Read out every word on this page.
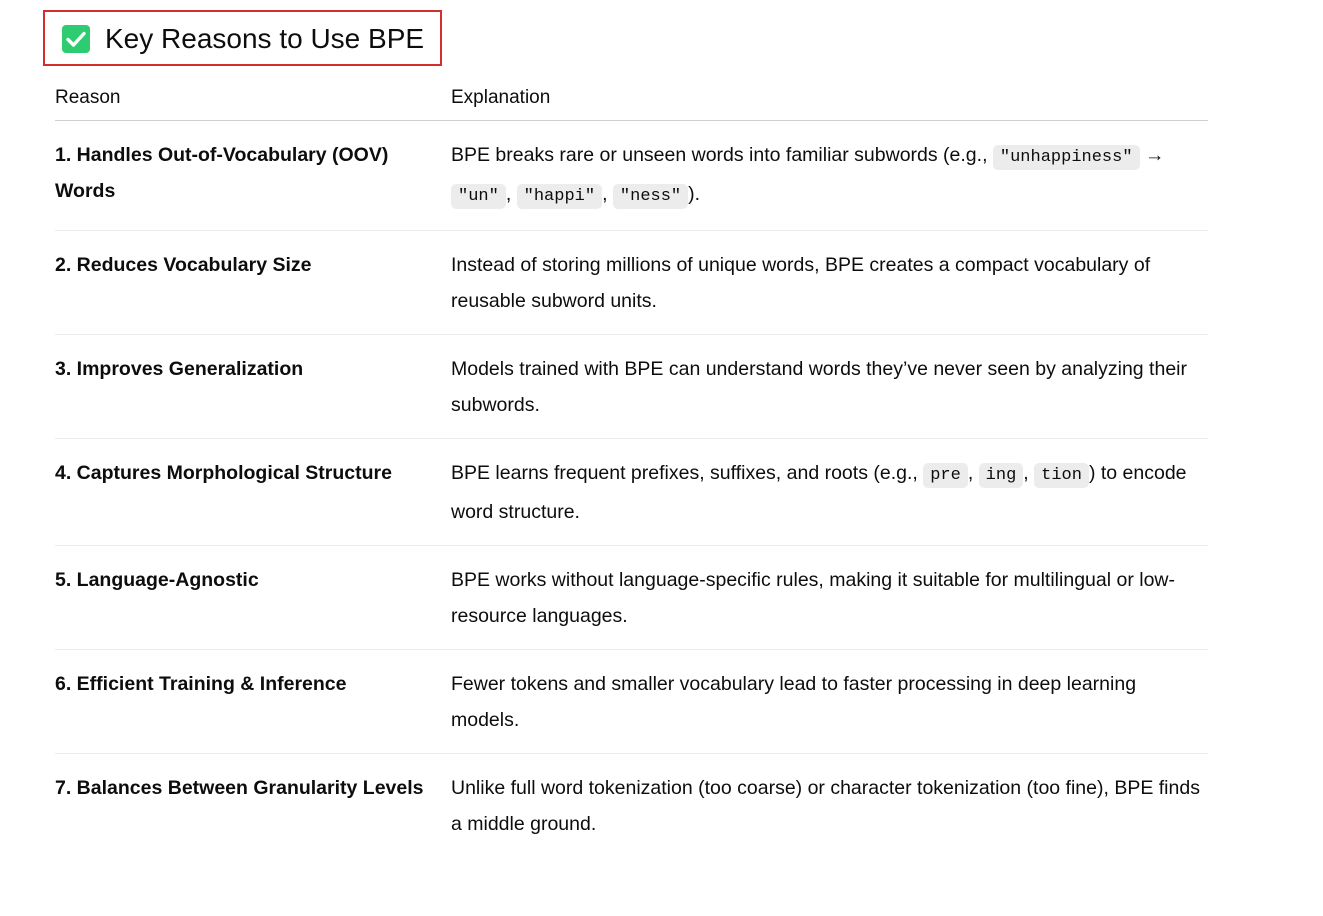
Key Reasons to Use BPE
Reason	Explanation
1. Handles Out-of-Vocabulary (OOV) Words	BPE breaks rare or unseen words into familiar subwords (e.g., "unhappiness" → "un" , "happi" , "ness" ).
2. Reduces Vocabulary Size	Instead of storing millions of unique words, BPE creates a compact vocabulary of reusable subword units.
3. Improves Generalization	Models trained with BPE can understand words they’ve never seen by analyzing their subwords.
4. Captures Morphological Structure	BPE learns frequent prefixes, suffixes, and roots (e.g., pre , ing , tion ) to encode word structure.
5. Language-Agnostic	BPE works without language-specific rules, making it suitable for multilingual or low-resource languages.
6. Efficient Training & Inference	Fewer tokens and smaller vocabulary lead to faster processing in deep learning models.
7. Balances Between Granularity Levels	Unlike full word tokenization (too coarse) or character tokenization (too fine), BPE finds a middle ground.
